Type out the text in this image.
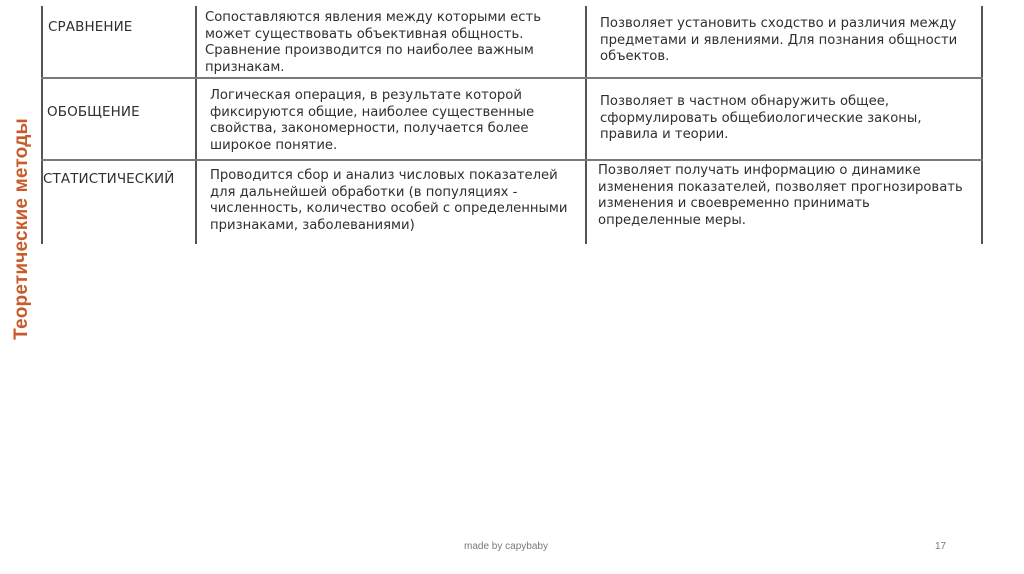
Теоретические методы
СРАВНЕНИЕ
Сопоставляются явления между которыми есть
может существовать объективная общность.
Сравнение производится по наиболее важным
признакам.
Позволяет установить сходство и различия между
предметами и явлениями. Для познания общности
объектов.
ОБОБЩЕНИЕ
Логическая операция, в результате которой
фиксируются общие, наиболее существенные
свойства, закономерности, получается более
широкое понятие.
Позволяет в частном обнаружить общее,
сформулировать общебиологические законы,
правила и теории.
СТАТИСТИЧЕСКИЙ	Проводится сбор и анализ числовых показателей
для дальнейшей обработки (в популяциях -
численность, количество особей с определенными
признаками, заболеваниями)
Позволяет получать информацию о динамике
изменения показателей, позволяет прогнозировать
изменения и своевременно принимать
определенные меры.
made by capybaby	17
